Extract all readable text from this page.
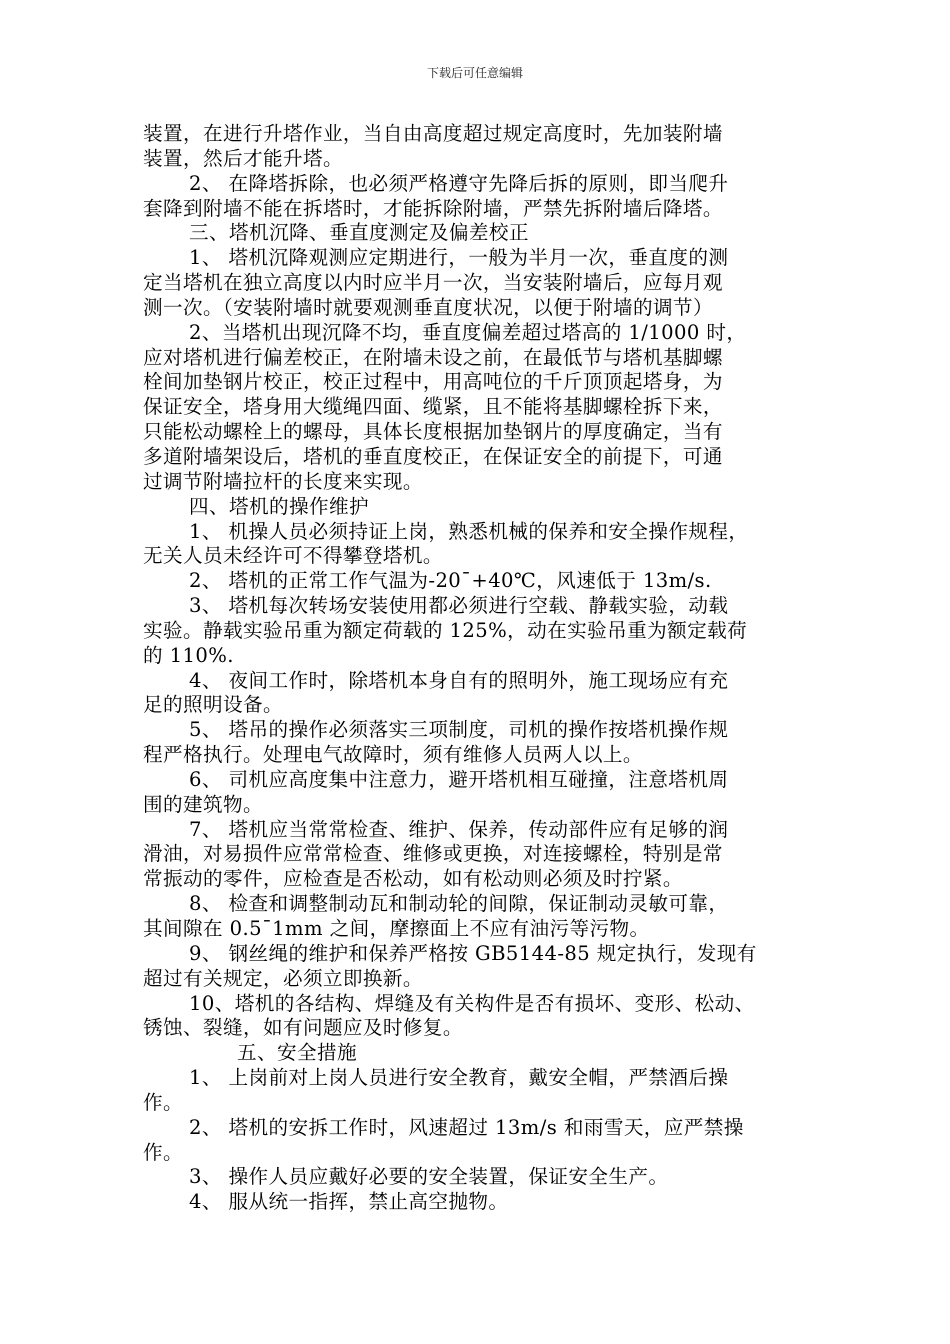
下载后可任意编辑

装置，在进行升塔作业，当自由高度超过规定高度时，先加装附墙

装置，然后才能升塔。

2、 在降塔拆除，也必须严格遵守先降后拆的原则，即当爬升

套降到附墙不能在拆塔时，才能拆除附墙，严禁先拆附墙后降塔。

三、塔机沉降、垂直度测定及偏差校正

1、 塔机沉降观测应定期进行，一般为半月一次，垂直度的测

定当塔机在独立高度以内时应半月一次，当安装附墙后，应每月观

测一次。（安装附墙时就要观测垂直度状况，以便于附墙的调节）

2、当塔机出现沉降不均，垂直度偏差超过塔高的 1/1000 时，

应对塔机进行偏差校正，在附墙未设之前，在最低节与塔机基脚螺

栓间加垫钢片校正，校正过程中，用高吨位的千斤顶顶起塔身，为

保证安全，塔身用大缆绳四面、缆紧，且不能将基脚螺栓拆下来，

只能松动螺栓上的螺母，具体长度根据加垫钢片的厚度确定，当有

多道附墙架设后，塔机的垂直度校正，在保证安全的前提下，可通

过调节附墙拉杆的长度来实现。

四、塔机的操作维护

1、 机操人员必须持证上岗，熟悉机械的保养和安全操作规程，

无关人员未经许可不得攀登塔机。

2、 塔机的正常工作气温为-20¯+40℃，风速低于 13m/s.

3、 塔机每次转场安装使用都必须进行空载、静载实验，动载

实验。静载实验吊重为额定荷载的 125%，动在实验吊重为额定载荷

的 110%.

4、 夜间工作时，除塔机本身自有的照明外，施工现场应有充

足的照明设备。

5、 塔吊的操作必须落实三项制度，司机的操作按塔机操作规

程严格执行。处理电气故障时，须有维修人员两人以上。

6、 司机应高度集中注意力，避开塔机相互碰撞，注意塔机周

围的建筑物。

7、 塔机应当常常检查、维护、保养，传动部件应有足够的润

滑油，对易损件应常常检查、维修或更换，对连接螺栓，特别是常

常振动的零件，应检查是否松动，如有松动则必须及时拧紧。

8、 检查和调整制动瓦和制动轮的间隙，保证制动灵敏可靠，

其间隙在 0.5¯1mm 之间，摩擦面上不应有油污等污物。

9、 钢丝绳的维护和保养严格按 GB5144-85 规定执行，发现有

超过有关规定，必须立即换新。

10、塔机的各结构、焊缝及有关构件是否有损坏、变形、松动、

锈蚀、裂缝，如有问题应及时修复。

五、安全措施

1、 上岗前对上岗人员进行安全教育，戴安全帽，严禁酒后操

作。

2、 塔机的安拆工作时，风速超过 13m/s 和雨雪天，应严禁操

作。

3、 操作人员应戴好必要的安全装置，保证安全生产。

4、 服从统一指挥，禁止高空抛物。
